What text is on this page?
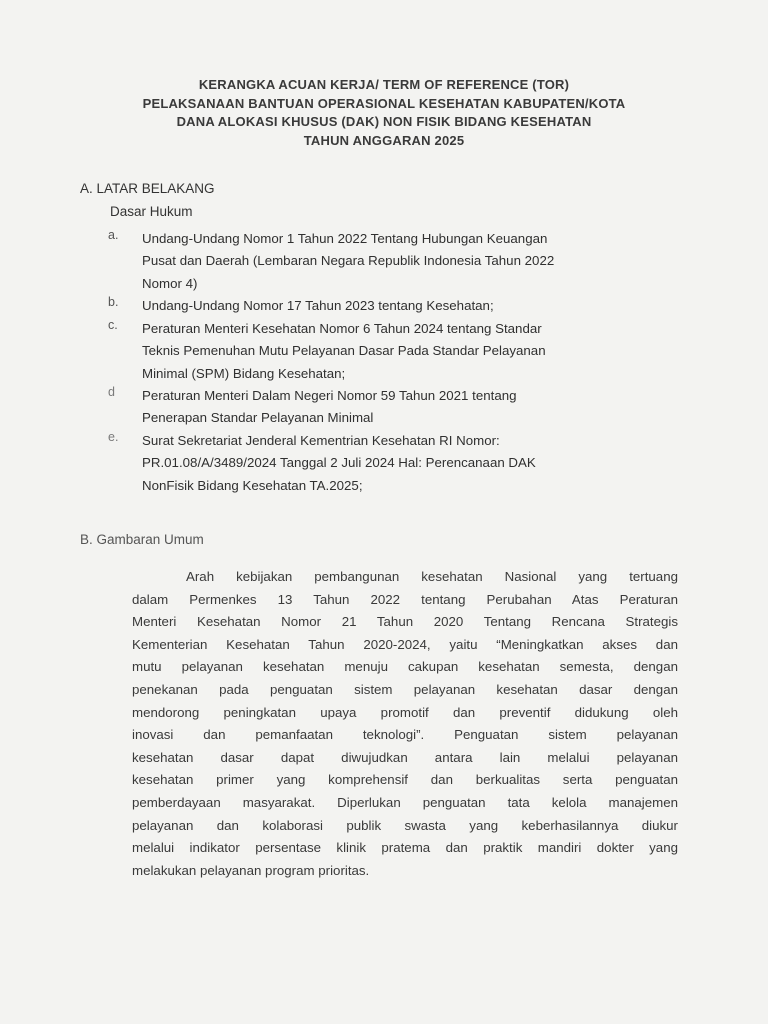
KERANGKA ACUAN KERJA/ TERM OF REFERENCE (TOR)
PELAKSANAAN BANTUAN OPERASIONAL KESEHATAN KABUPATEN/KOTA
DANA ALOKASI KHUSUS (DAK) NON FISIK BIDANG KESEHATAN
TAHUN ANGGARAN 2025
A. LATAR BELAKANG
Dasar Hukum
a. Undang-Undang Nomor 1 Tahun 2022 Tentang Hubungan Keuangan
Pusat dan Daerah (Lembaran Negara Republik Indonesia Tahun 2022
Nomor 4)
b. Undang-Undang Nomor 17 Tahun 2023 tentang Kesehatan;
c. Peraturan Menteri Kesehatan Nomor 6 Tahun 2024 tentang Standar
Teknis Pemenuhan Mutu Pelayanan Dasar Pada Standar Pelayanan
Minimal (SPM) Bidang Kesehatan;
d Peraturan Menteri Dalam Negeri Nomor 59 Tahun 2021 tentang
Penerapan Standar Pelayanan Minimal
e. Surat Sekretariat Jenderal Kementrian Kesehatan RI Nomor:
PR.01.08/A/3489/2024 Tanggal 2 Juli 2024 Hal: Perencanaan DAK
NonFisik Bidang Kesehatan TA.2025;
B. Gambaran Umum
Arah kebijakan pembangunan kesehatan Nasional yang tertuang
dalam Permenkes 13 Tahun 2022 tentang Perubahan Atas Peraturan
Menteri Kesehatan Nomor 21 Tahun 2020 Tentang Rencana Strategis
Kementerian Kesehatan Tahun 2020-2024, yaitu “Meningkatkan akses dan
mutu pelayanan kesehatan menuju cakupan kesehatan semesta, dengan
penekanan pada penguatan sistem pelayanan kesehatan dasar dengan
mendorong peningkatan upaya promotif dan preventif didukung oleh
inovasi dan pemanfaatan teknologi”. Penguatan sistem pelayanan
kesehatan dasar dapat diwujudkan antara lain melalui pelayanan
kesehatan primer yang komprehensif dan berkualitas serta penguatan
pemberdayaan masyarakat. Diperlukan penguatan tata kelola manajemen
pelayanan dan kolaborasi publik swasta yang keberhasilannya diukur
melalui indikator persentase klinik pratema dan praktik mandiri dokter yang
melakukan pelayanan program prioritas.
